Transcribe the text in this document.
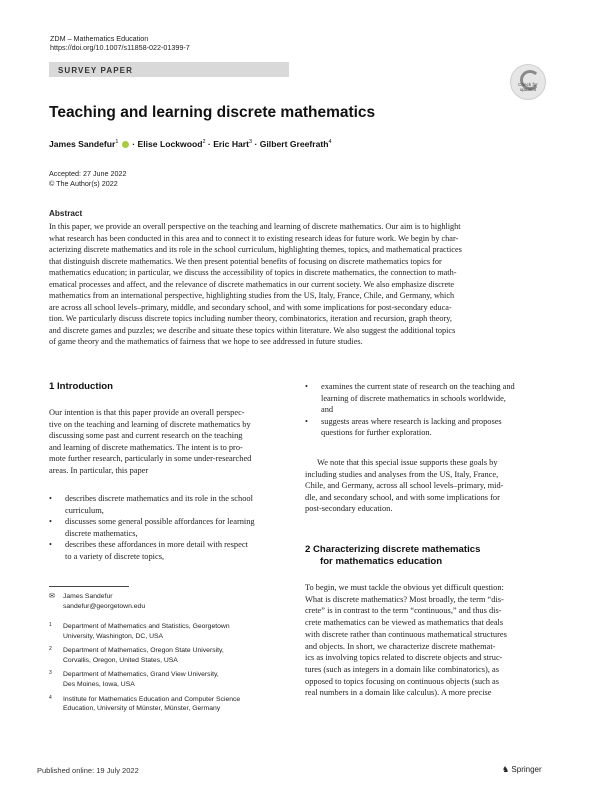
ZDM – Mathematics Education
https://doi.org/10.1007/s11858-022-01399-7
SURVEY PAPER
Check for updates
Teaching and learning discrete mathematics
James Sandefur$^1$ · Elise Lockwood$^2$ · Eric Hart$^3$ · Gilbert Greefrath$^4$
Accepted: 27 June 2022
© The Author(s) 2022
Abstract
In this paper, we provide an overall perspective on the teaching and learning of discrete mathematics. Our aim is to highlight
what research has been conducted in this area and to connect it to existing research ideas for future work. We begin by char-
acterizing discrete mathematics and its role in the school curriculum, highlighting themes, topics, and mathematical practices
that distinguish discrete mathematics. We then present potential benefits of focusing on discrete mathematics topics for
mathematics education; in particular, we discuss the accessibility of topics in discrete mathematics, the connection to math-
ematical processes and affect, and the relevance of discrete mathematics in our current society. We also emphasize discrete
mathematics from an international perspective, highlighting studies from the US, Italy, France, Chile, and Germany, which
are across all school levels–primary, middle, and secondary school, and with some implications for post-secondary educa-
tion. We particularly discuss discrete topics including number theory, combinatorics, iteration and recursion, graph theory,
and discrete games and puzzles; we describe and situate these topics within literature. We also suggest the additional topics
of game theory and the mathematics of fairness that we hope to see addressed in future studies.
1 Introduction
Our intention is that this paper provide an overall perspec-
tive on the teaching and learning of discrete mathematics by
discussing some past and current research on the teaching
and learning of discrete mathematics. The intent is to pro-
mote further research, particularly in some under-researched
areas. In particular, this paper
• describes discrete mathematics and its role in the school
curriculum,
• discusses some general possible affordances for learning
discrete mathematics,
• describes these affordances in more detail with respect
to a variety of discrete topics,
✉ James Sandefur
sandefur@georgetown.edu
1 Department of Mathematics and Statistics, Georgetown
University, Washington, DC, USA
2 Department of Mathematics, Oregon State University,
Corvallis, Oregon, United States, USA
3 Department of Mathematics, Grand View University,
Des Moines, Iowa, USA
4 Institute for Mathematics Education and Computer Science
Education, University of Münster, Münster, Germany
• examines the current state of research on the teaching and
learning of discrete mathematics in schools worldwide,
and
• suggests areas where research is lacking and proposes
questions for further exploration.
We note that this special issue supports these goals by
including studies and analyses from the US, Italy, France,
Chile, and Germany, across all school levels–primary, mid-
dle, and secondary school, and with some implications for
post-secondary education.
2 Characterizing discrete mathematics
for mathematics education
To begin, we must tackle the obvious yet difficult question:
What is discrete mathematics? Most broadly, the term “dis-
crete” is in contrast to the term “continuous,” and thus dis-
crete mathematics can be viewed as mathematics that deals
with discrete rather than continuous mathematical structures
and objects. In short, we characterize discrete mathemat-
ics as involving topics related to discrete objects and struc-
tures (such as integers in a domain like combinatorics), as
opposed to topics focusing on continuous objects (such as
real numbers in a domain like calculus). A more precise
Published online: 19 July 2022	♞ Springer
